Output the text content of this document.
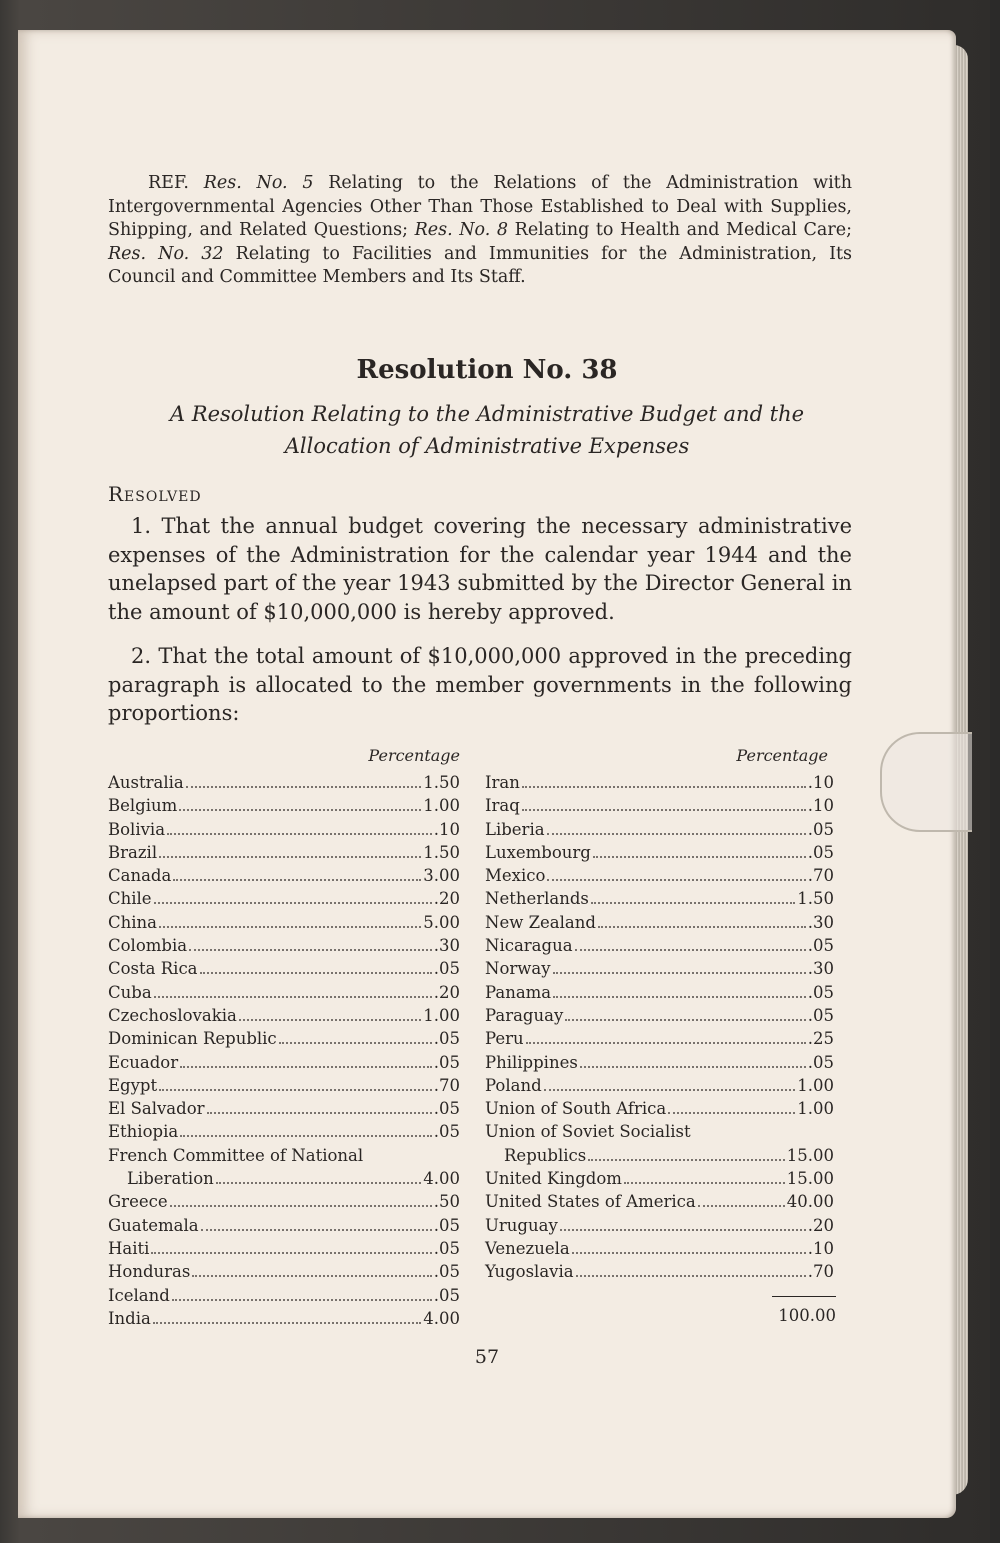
REF. Res. No. 5 Relating to the Relations of the Administration with Intergovernmental Agencies Other Than Those Established to Deal with Supplies, Shipping, and Related Questions; Res. No. 8 Relating to Health and Medical Care; Res. No. 32 Relating to Facilities and Immunities for the Administration, Its Council and Committee Members and Its Staff.

Resolution No. 38
A Resolution Relating to the Administrative Budget and the
Allocation of Administrative Expenses
Resolved

1. That the annual budget covering the necessary administrative expenses of the Administration for the calendar year 1944 and the unelapsed part of the year 1943 submitted by the Director General in the amount of $10,000,000 is hereby approved.

2. That the total amount of $10,000,000 approved in the preceding paragraph is allocated to the member governments in the following proportions:

Percentage	Percentage
Australia	1.50
Belgium	1.00
Bolivia	.10
Brazil	1.50
Canada	3.00
Chile	.20
China	5.00
Colombia	.30
Costa Rica	.05
Cuba	.20
Czechoslovakia	1.00
Dominican Republic	.05
Ecuador	.05
Egypt	.70
El Salvador	.05
Ethiopia	.05
French Committee of National
Liberation	4.00
Greece	.50
Guatemala	.05
Haiti	.05
Honduras	.05
Iceland	.05
India	4.00
Iran	.10
Iraq	.10
Liberia	.05
Luxembourg	.05
Mexico	.70
Netherlands	1.50
New Zealand	.30
Nicaragua	.05
Norway	.30
Panama	.05
Paraguay	.05
Peru	.25
Philippines	.05
Poland	1.00
Union of South Africa	1.00
Union of Soviet Socialist
Republics	15.00
United Kingdom	15.00
United States of America	40.00
Uruguay	.20
Venezuela	.10
Yugoslavia	.70
100.00
57
